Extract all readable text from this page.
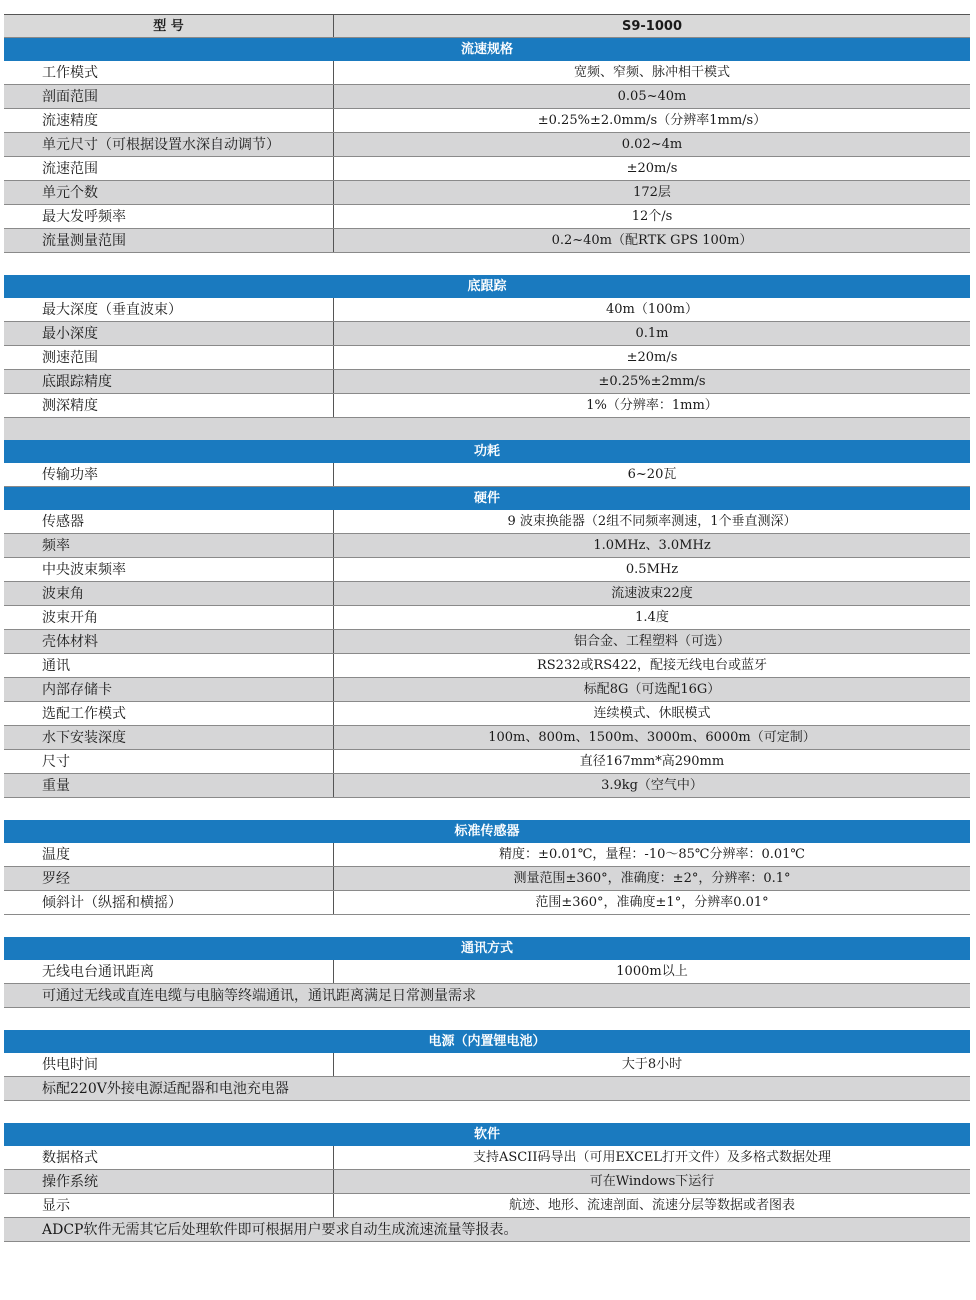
型 号	S9-1000
流速规格
工作模式	宽频、窄频、脉冲相干模式
剖面范围	0.05~40m
流速精度	±0.25%±2.0mm/s（分辨率1mm/s）
单元尺寸（可根据设置水深自动调节）	0.02~4m
流速范围	±20m/s
单元个数	172层
最大发呼频率	12个/s
流量测量范围	0.2~40m（配RTK GPS 100m）
底跟踪
最大深度（垂直波束）	40m（100m）
最小深度	0.1m
测速范围	±20m/s
底跟踪精度	±0.25%±2mm/s
测深精度	1%（分辨率：1mm）
功耗
传输功率	6~20瓦
硬件
传感器	9 波束换能器（2组不同频率测速，1个垂直测深）
频率	1.0MHz、3.0MHz
中央波束频率	0.5MHz
波束角	流速波束22度
波束开角	1.4度
壳体材料	铝合金、工程塑料（可选）
通讯	RS232或RS422，配接无线电台或蓝牙
内部存储卡	标配8G（可选配16G）
选配工作模式	连续模式、休眠模式
水下安装深度	100m、800m、1500m、3000m、6000m（可定制）
尺寸	直径167mm*高290mm
重量	3.9kg（空气中）
标准传感器
温度	精度：±0.01℃，量程：-10～85℃分辨率：0.01℃
罗经	测量范围±360°，准确度：±2°，分辨率：0.1°
倾斜计（纵摇和横摇）	范围±360°，准确度±1°，分辨率0.01°
通讯方式
无线电台通讯距离	1000m以上
可通过无线或直连电缆与电脑等终端通讯，通讯距离满足日常测量需求
电源（内置锂电池）
供电时间	大于8小时
标配220V外接电源适配器和电池充电器
软件
数据格式	支持ASCII码导出（可用EXCEL打开文件）及多格式数据处理
操作系统	可在Windows下运行
显示	航迹、地形、流速剖面、流速分层等数据或者图表
ADCP软件无需其它后处理软件即可根据用户要求自动生成流速流量等报表。
